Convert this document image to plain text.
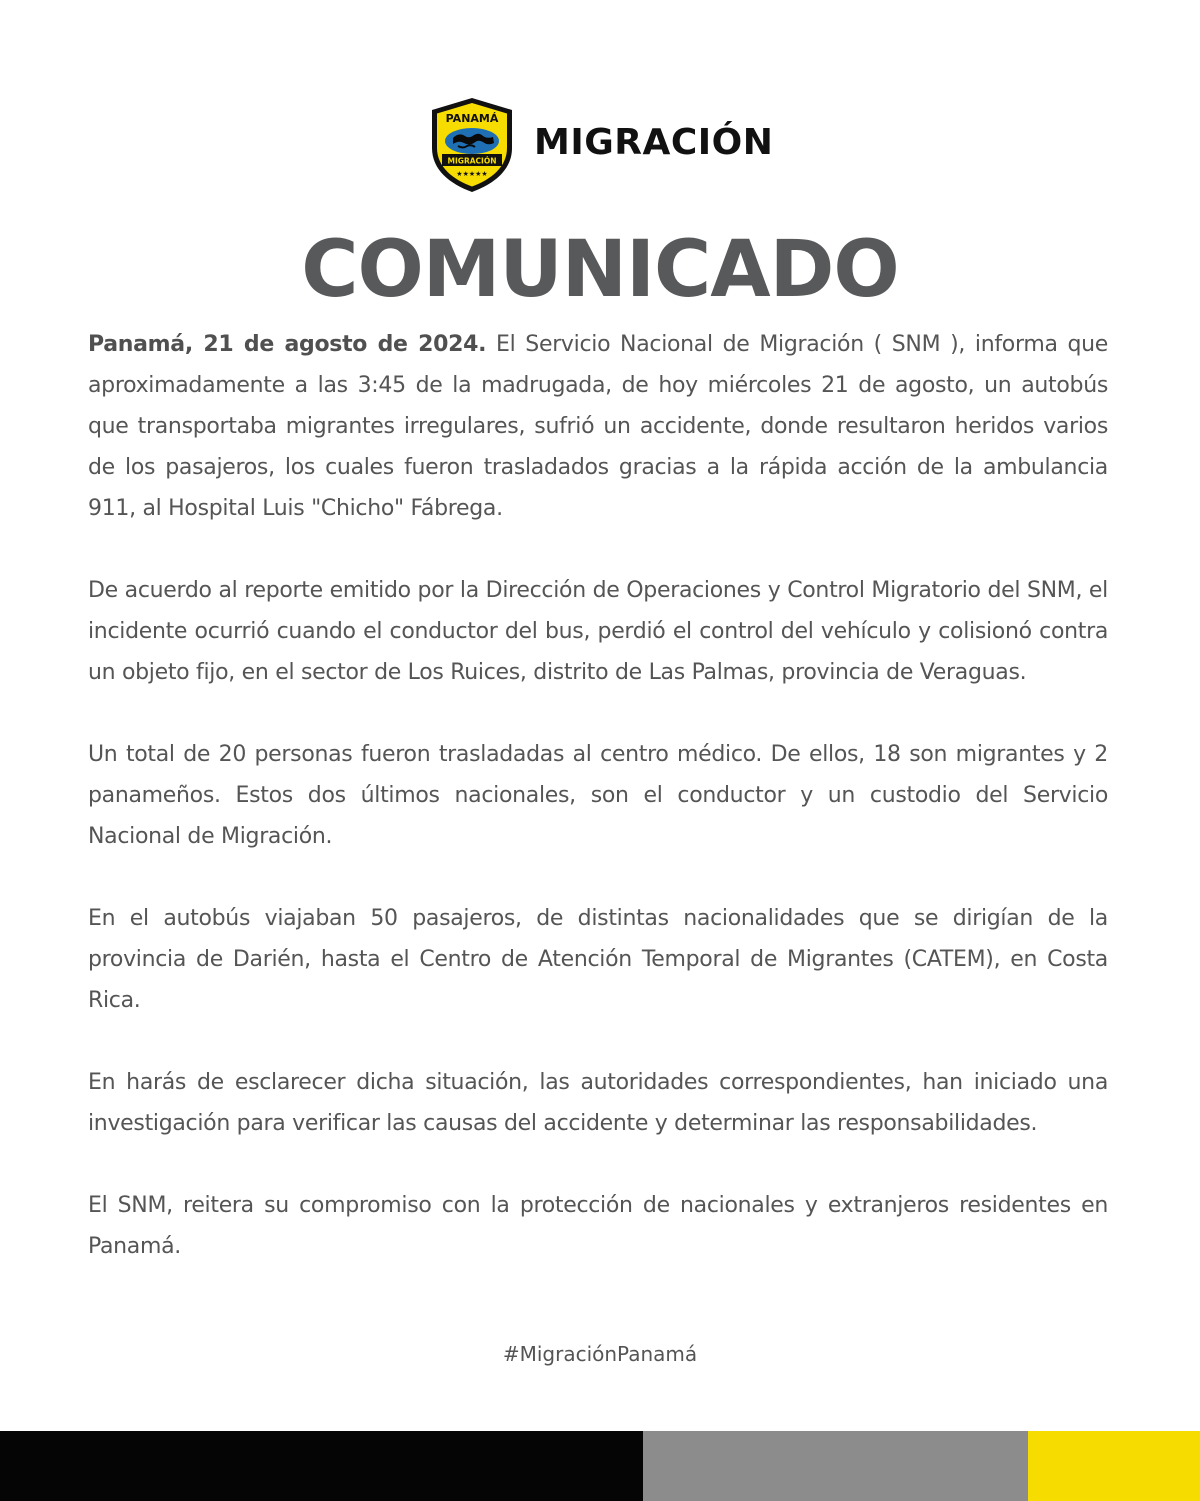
PANAMÁ
MIGRACIÓN
★★★★★
MIGRACIÓN
COMUNICADO

Panamá, 21 de agosto de 2024. El Servicio Nacional de Migración ( SNM ), informa que aproximadamente a las 3:45 de la madrugada, de hoy miércoles 21 de agosto, un autobús que transportaba migrantes irregulares, sufrió un accidente, donde resultaron heridos varios de los pasajeros, los cuales fueron trasladados gracias a la rápida acción de la ambulancia 911, al Hospital Luis "Chicho" Fábrega.

De acuerdo al reporte emitido por la Dirección de Operaciones y Control Migratorio del SNM, el incidente ocurrió cuando el conductor del bus, perdió el control del vehículo y colisionó contra un objeto fijo, en el sector de Los Ruices, distrito de Las Palmas, provincia de Veraguas.

Un total de 20 personas fueron trasladadas al centro médico. De ellos, 18 son migrantes y 2 panameños. Estos dos últimos nacionales, son el conductor y un custodio del Servicio Nacional de Migración.

En el autobús viajaban 50 pasajeros, de distintas nacionalidades que se dirigían de la provincia de Darién, hasta el Centro de Atención Temporal de Migrantes (CATEM), en Costa Rica.

En harás de esclarecer dicha situación, las autoridades correspondientes, han iniciado una investigación para verificar las causas del accidente y determinar las responsabilidades.

El SNM, reitera su compromiso con la protección de nacionales y extranjeros residentes en Panamá.

#MigraciónPanamá
